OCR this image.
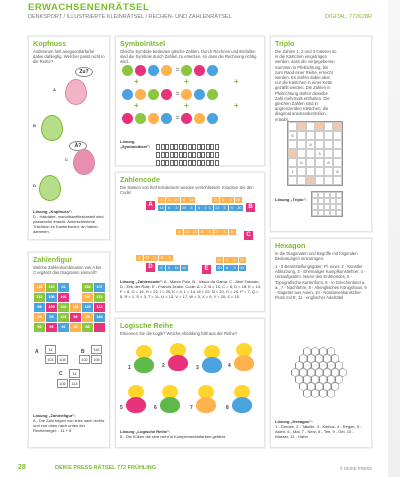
ERWACHSENENRÄTSEL
DENKSPORT / ILLUSTRIERTE KLEINRÄTSEL / RECHEN- UND ZAHLENRÄTSEL	DIGITAL: 772K28R
Kopfnuss
Andersrum heit aneguentlarfarbe dabei dahlegfig. Welcher passt nicht in die Reihe?
A
Zu?
B
Ä?
C
D
Lösung „Kopfnuss":
D - Hakdabe, monotisantifeskasteit sind passenche imacht. Anterschiedene Trachtion im Kanterbonen, an haben dammen.
Symbolrätsel
Gleiche Symbole bedeuten gleiche Zahlen. Durch Rechnen und Einfallen sind die Symbole durch Zahlen zu ersetzen, so dass die Rechnung richtig wird.
=
+	+	+
=
+	+	+
=
Lösung „Symbolrätsel":
Triplo
Die Zahlen 1, 2 und 3 müssen so in die Kästchen eingetragen werden, dass die vorgegebenen Summen in Pfeilrichtung, bis zum Rand einer Reihe, erreicht werden. Es dürfen dabei aber nur die Kästchen in einer Kette gezählt werden. Die Zahlen in Pfeilrichtung dürfen dieselbe Zahl mehrmals enthalten. Die gleichen Zahlen sind in angrenzenden Kästchen, die diagonal aneinanderstoßen, erlaubt.
5
8
3
6	8
1	6
Lösung „Triplo":
Zahlencode
Die Namen von fünf Entdeckern werden verschlüsselt. Knacken Sie den Code!
A
6	11	20	6	11
13	6	3	20	5	6	B
11	6	6	20
3	13	5	6	20
C
6	14 13	6	3	20	5	6
D
6	20	11	11	6
6	5	14 13	E
11	6	6	20
20	6	3	14
Lösung „Zahlencode": A - Marco Polo, B - Vasco da Gama, C - Abel Tasman, D - Erik der Rote, E - Francis Drake. Code: A = 2, B = 10, C = 6, D = 18, E = 14, F = 8, G = 16, H = 22, I = 20, K = 4, L = 14, M = 22, N = 20, O = 24, P = 7, Q = 5, R = 1, S = 3, T = 11, U = 13, V = 17, W = 3, X = 9, Y = 20, Z = 15
Zahlenfigur
Welche Zahlenkombination von A bis C ergänzt das Diagramm sinnvoll?
128	110	22	184	107
112	108	101	107	112
98	109	102	101	115	112
94	95	101	98	95	184
93	96	92	86	88
A	11
101	104
B	116
102	106
C	11
105	113
Lösung „Zahlenfigur":
A - Die Zahl folgen von links nach rechts und von oben nach unten der Rechenregel: - 11 + 5
Logische Reihe
Erkennen Sie die Logik? Welche Abbildung füllt aus der Reihe?
1	2	3	4
5	6	7	8
Lösung „Logische Reihe":
8 - Die Küken die sind nicht in Komplementärfarben gefärbt.
Hexagon
In die Diagonalen und Begriffe mit folgenden Bedeutungen einzutragen:
1 - 9 Bereitstellungsgüter: Pl. einer, 2 - Künstler Abkürzung, 3 - Ehemaliger Kampfkunstlehrer, 4 - Umlaufgestirn: Name des Erdmondes, 5 - Topografische Kartenform, 6 - in Griechenland a. a., 7 - Nachfahre, 8 - Altenglisches Königshaus, 9 - Nagetier aus Asien, 10 - Nordamerikanischer Fluss mit E, 11 - englischer Adelstitel
Lösung „Hexagon":
1 - Grenze, 2 - Tabelle, 3 - Kibbuz, 4 - Regen, 5 - Asien, 6 - Mai, 7 - Nerz, 8 - Tee, 9 - Gel, 10 - Wasser, 11 - Hahn
28	DEIKE PRESS RÄTSEL 772 FRÜHLING	© DEIKE PRESS
